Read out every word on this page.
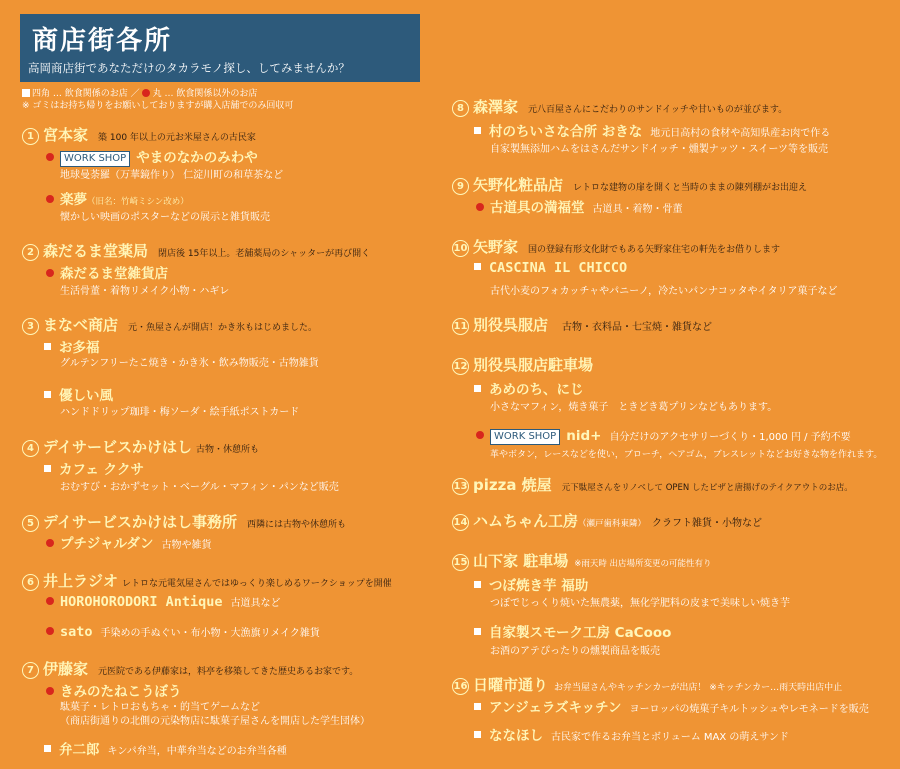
商店街各所
高岡商店街であなただけのタカラモノ探し、してみませんか？
四角 … 飲食関係のお店 ／ 丸 … 飲食関係以外のお店
※ ゴミはお持ち帰りをお願いしておりますが購入店舗でのみ回収可
1 宮本家 築 100 年以上の元お米屋さんの古民家
WORK SHOP やまのなかのみわや
地球曼荼羅（万華鏡作り） 仁淀川町の和草茶など
楽夢（旧名：竹崎ミシン改め）
懐かしい映画のポスターなどの展示と雑貨販売
2 森だるま堂薬局 閉店後 15年以上。老舗薬局のシャッターが再び開く
森だるま堂雑貨店
生活骨董・着物リメイク小物・ハギレ
3 まなべ商店 元・魚屋さんが開店！かき氷もはじめました。
お多福
グルテンフリーたこ焼き・かき氷・飲み物販売・古物雑貨
優しい風
ハンドドリップ珈琲・梅ソーダ・絵手紙ポストカード
4 デイサービスかけはし 古物・休憩所も
カフェ ククサ
おむすび・おかずセット・ベーグル・マフィン・パンなど販売
5 デイサービスかけはし事務所 西隣には古物や休憩所も
プチジャルダン 古物や雑貨
6 井上ラジオ レトロな元電気屋さんではゆっくり楽しめるワークショップを開催
HOROHORODORI Antique 古道具など
sato 手染めの手ぬぐい・布小物・大漁旗リメイク雑貨
7 伊藤家 元医院である伊藤家は，料亭を移築してきた歴史あるお家です。
きみのたねこうぼう
駄菓子・レトロおもちゃ・的当てゲームなど
（商店街通りの北側の元染物店に駄菓子屋さんを開店した学生団体）
弁二郎 キンパ弁当，中華弁当などのお弁当各種
8 森澤家 元八百屋さんにこだわりのサンドイッチや甘いものが並びます。
村のちいさな合所 おきな 地元日高村の食材や高知県産お肉で作る
自家製無添加ハムをはさんだサンドイッチ・燻製ナッツ・スイーツ等を販売
9 矢野化粧品店 レトロな建物の扉を開くと当時のままの陳列棚がお出迎え
古道具の満福堂 古道具・着物・骨董
10 矢野家 国の登録有形文化財でもある矢野家住宅の軒先をお借りします
CASCINA IL CHICCO
古代小麦のフォカッチャやパニーノ，冷たいパンナコッタやイタリア菓子など
11 別役呉服店 古物・衣料品・七宝焼・雑貨など
12 別役呉服店駐車場
あめのち、にじ
小さなマフィン，焼き菓子　ときどき葛プリンなどもあります。
WORK SHOP nid+ 自分だけのアクセサリーづくり・1,000 円 / 予約不要
革やボタン，レースなどを使い，ブローチ，ヘアゴム，ブレスレットなどお好きな物を作れます。
13 pizza 焼屋 元下駄屋さんをリノベして OPEN したピザと唐揚げのテイクアウトのお店。
14 ハムちゃん工房（瀬戸歯科東隣） クラフト雑貨・小物など
15 山下家 駐車場 ※雨天時 出店場所変更の可能性有り
つぼ焼き芋 福助
つぼでじっくり焼いた無農薬，無化学肥料の皮まで美味しい焼き芋
自家製スモーク工房 CaCooo
お酒のアテぴったりの燻製商品を販売
16 日曜市通り お弁当屋さんやキッチンカーが出店！ ※キッチンカー…雨天時出店中止
アンジェラズキッチン ヨーロッパの焼菓子キルトッシュやレモネードを販売
ななほし 古民家で作るお弁当とボリューム MAX の萌えサンド
